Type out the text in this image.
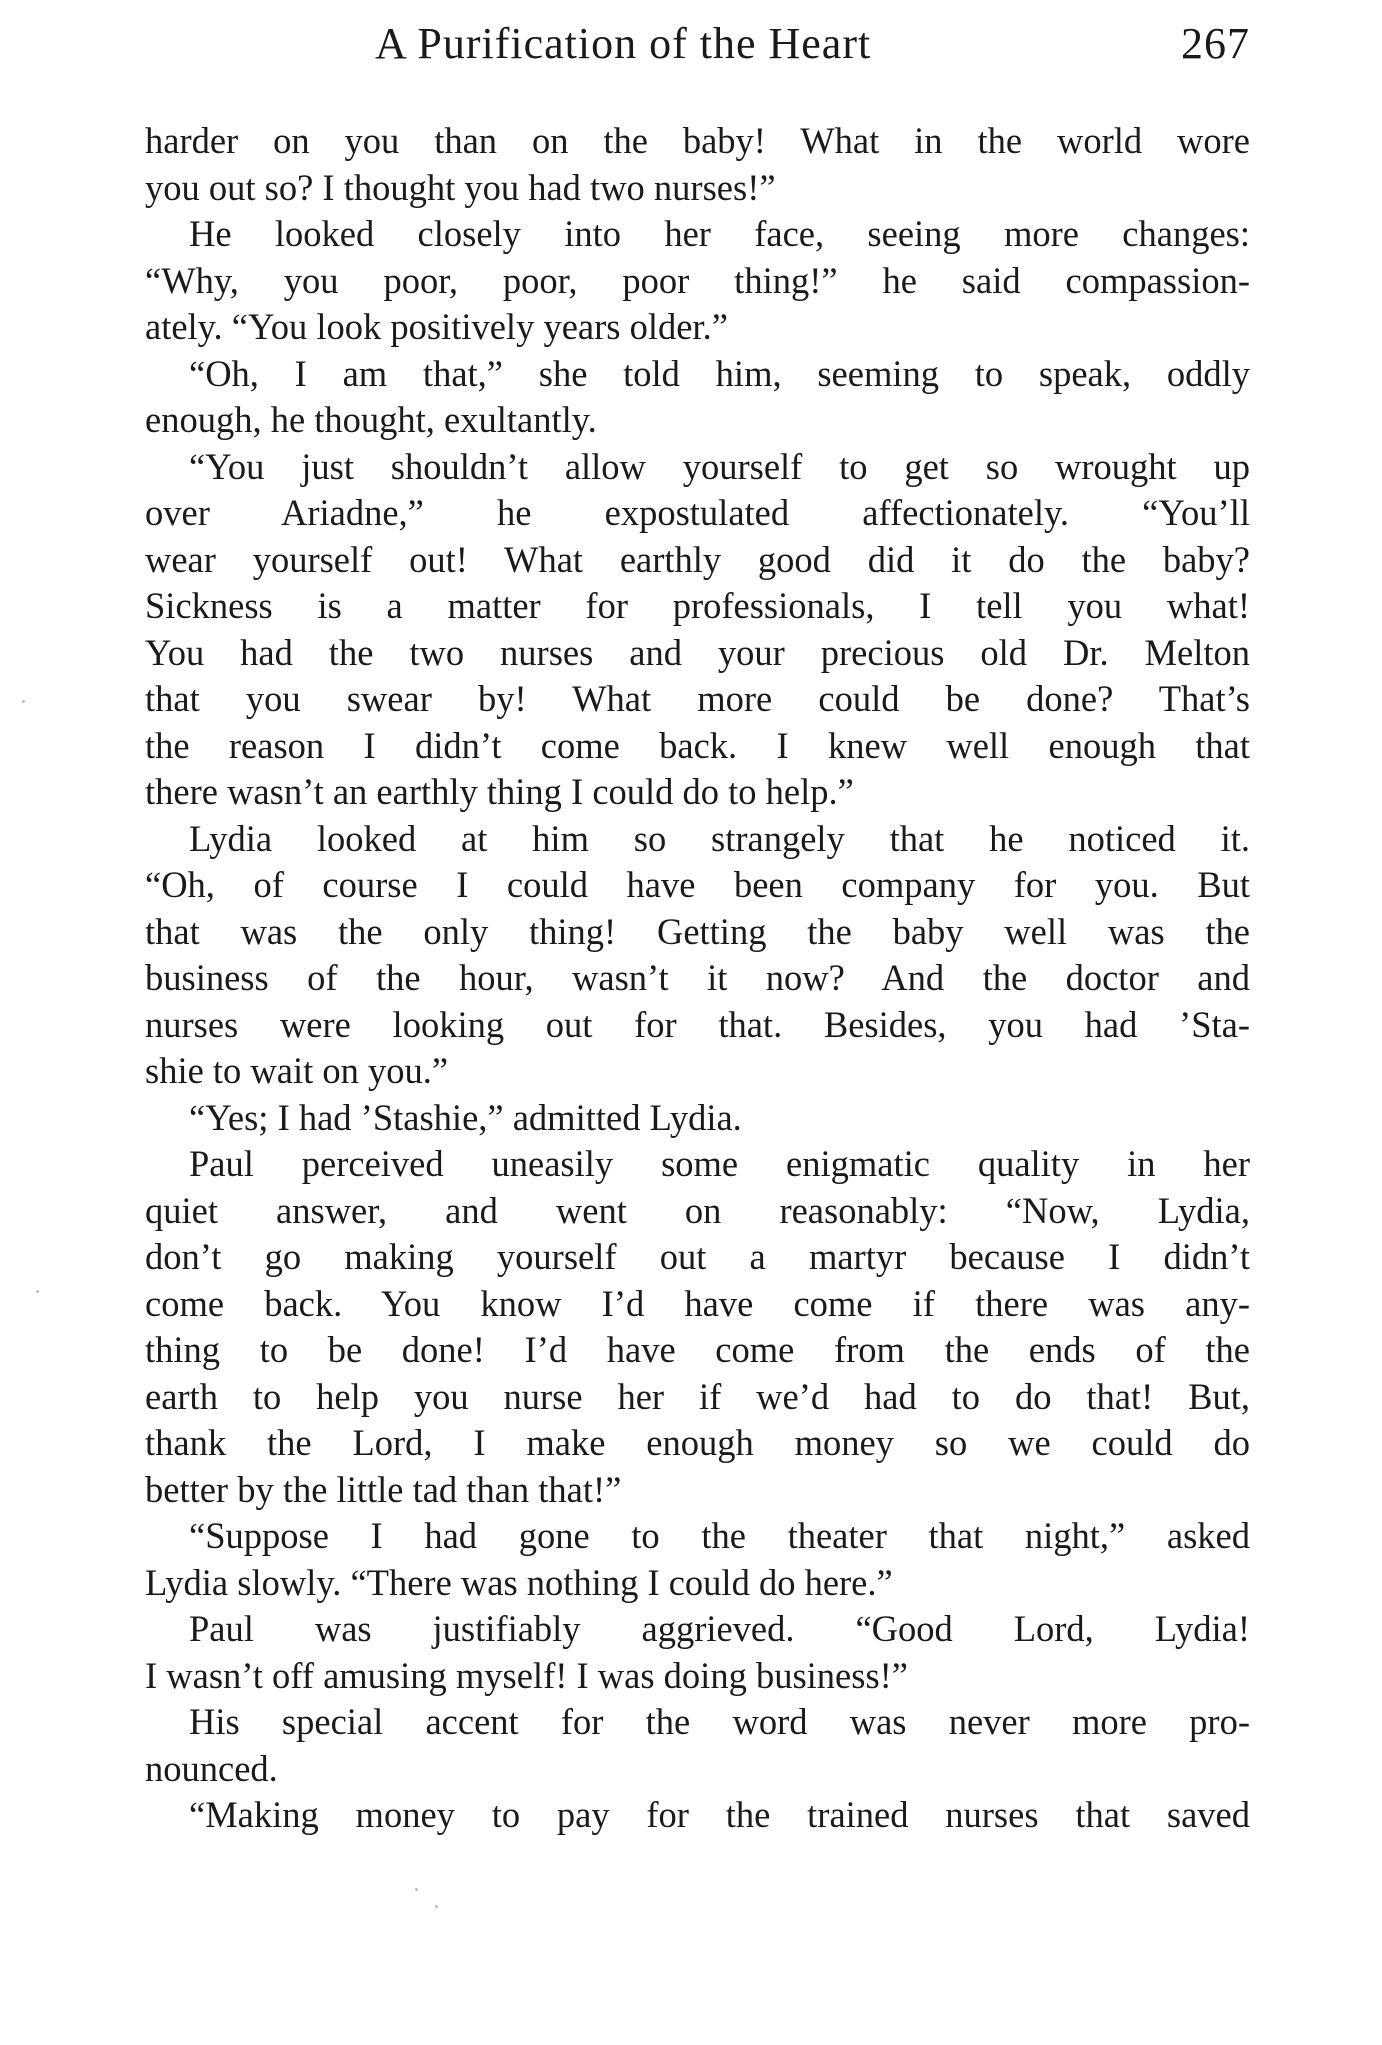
A Purification of the Heart	267
harder on you than on the baby! What in the world wore
you out so? I thought you had two nurses!”
He looked closely into her face, seeing more changes:
“Why, you poor, poor, poor thing!” he said compassion-
ately. “You look positively years older.”
“Oh, I am that,” she told him, seeming to speak, oddly
enough, he thought, exultantly.
“You just shouldn’t allow yourself to get so wrought up
over Ariadne,” he expostulated affectionately. “You’ll
wear yourself out! What earthly good did it do the baby?
Sickness is a matter for professionals, I tell you what!
You had the two nurses and your precious old Dr. Melton
that you swear by! What more could be done? That’s
the reason I didn’t come back. I knew well enough that
there wasn’t an earthly thing I could do to help.”
Lydia looked at him so strangely that he noticed it.
“Oh, of course I could have been company for you. But
that was the only thing! Getting the baby well was the
business of the hour, wasn’t it now? And the doctor and
nurses were looking out for that. Besides, you had ’Sta-
shie to wait on you.”
“Yes; I had ’Stashie,” admitted Lydia.
Paul perceived uneasily some enigmatic quality in her
quiet answer, and went on reasonably: “Now, Lydia,
don’t go making yourself out a martyr because I didn’t
come back. You know I’d have come if there was any-
thing to be done! I’d have come from the ends of the
earth to help you nurse her if we’d had to do that! But,
thank the Lord, I make enough money so we could do
better by the little tad than that!”
“Suppose I had gone to the theater that night,” asked
Lydia slowly. “There was nothing I could do here.”
Paul was justifiably aggrieved. “Good Lord, Lydia!
I wasn’t off amusing myself! I was doing business!”
His special accent for the word was never more pro-
nounced.
“Making money to pay for the trained nurses that saved
